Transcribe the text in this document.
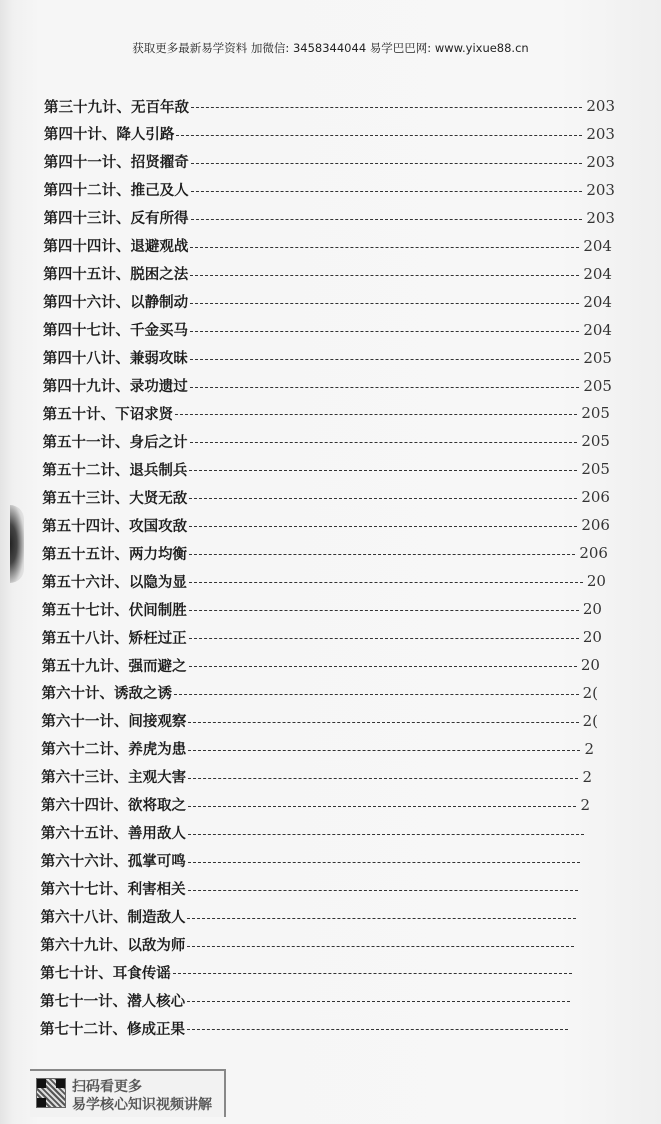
获取更多最新易学资料 加微信: 3458344044 易学巴巴网: www.yixue88.cn
第三十九计、无百年敌	203
第四十计、降人引路	203
第四十一计、招贤擢奇	203
第四十二计、推己及人	203
第四十三计、反有所得	203
第四十四计、退避观战	204
第四十五计、脱困之法	204
第四十六计、以静制动	204
第四十七计、千金买马	204
第四十八计、兼弱攻昧	205
第四十九计、录功遗过	205
第五十计、下诏求贤	205
第五十一计、身后之计	205
第五十二计、退兵制兵	205
第五十三计、大贤无敌	206
第五十四计、攻国攻敌	206
第五十五计、两力均衡	206
第五十六计、以隐为显	20
第五十七计、伏间制胜	20
第五十八计、矫枉过正	20
第五十九计、强而避之	20
第六十计、诱敌之诱	2(
第六十一计、间接观察	2(
第六十二计、养虎为患	2
第六十三计、主观大害	2
第六十四计、欲将取之	2
第六十五计、善用敌人
第六十六计、孤掌可鸣
第六十七计、利害相关
第六十八计、制造敌人
第六十九计、以敌为师
第七十计、耳食传谣
第七十一计、潜人核心
第七十二计、修成正果
扫码看更多
易学核心知识视频讲解
